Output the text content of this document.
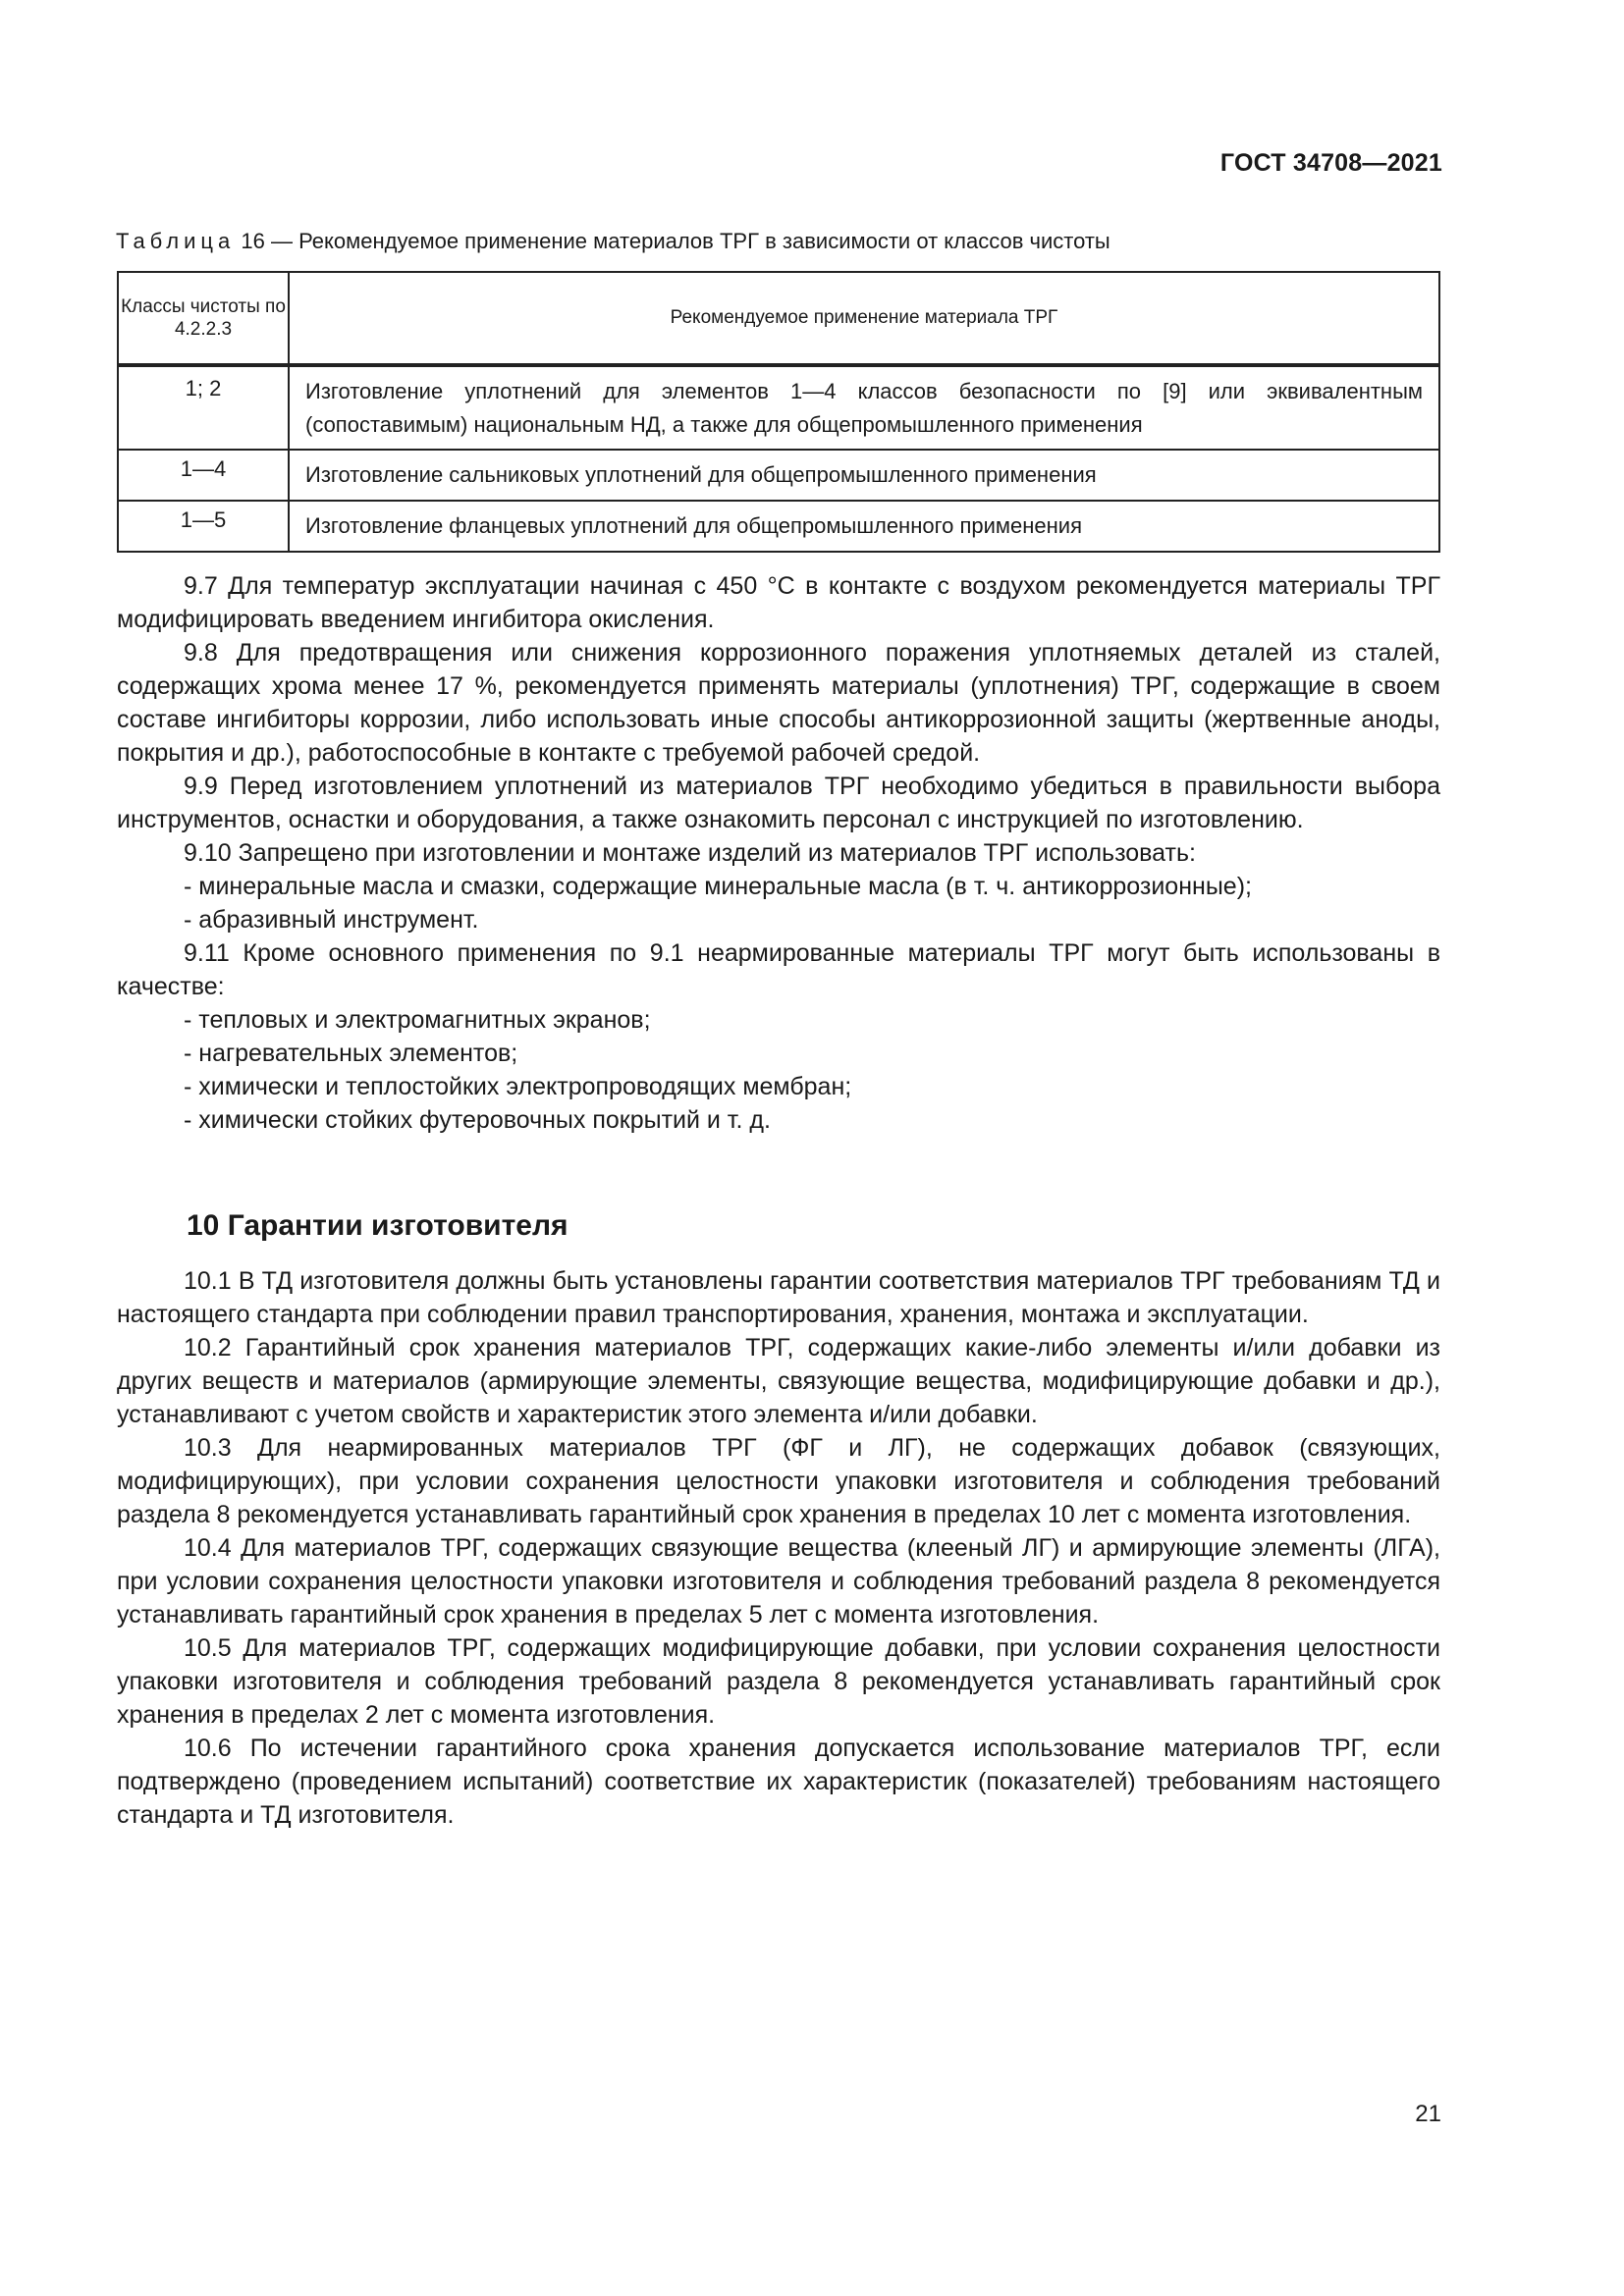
ГОСТ 34708—2021
Таблица 16 — Рекомендуемое применение материалов ТРГ в зависимости от классов чистоты
Классы чистоты по 4.2.2.3	Рекомендуемое применение материала ТРГ
1; 2	Изготовление уплотнений для элементов 1—4 классов безопасности по [9] или эквивалентным (сопоставимым) национальным НД, а также для общепромышленного применения
1—4	Изготовление сальниковых уплотнений для общепромышленного применения
1—5	Изготовление фланцевых уплотнений для общепромышленного применения

9.7 Для температур эксплуатации начиная с 450 °С в контакте с воздухом рекомендуется материалы ТРГ модифицировать введением ингибитора окисления.

9.8 Для предотвращения или снижения коррозионного поражения уплотняемых деталей из сталей, содержащих хрома менее 17 %, рекомендуется применять материалы (уплотнения) ТРГ, содержащие в своем составе ингибиторы коррозии, либо использовать иные способы антикоррозионной защиты (жертвенные аноды, покрытия и др.), работоспособные в контакте с требуемой рабочей средой.

9.9 Перед изготовлением уплотнений из материалов ТРГ необходимо убедиться в правильности выбора инструментов, оснастки и оборудования, а также ознакомить персонал с инструкцией по изготовлению.

9.10 Запрещено при изготовлении и монтаже изделий из материалов ТРГ использовать:

- минеральные масла и смазки, содержащие минеральные масла (в т. ч. антикоррозионные);

- абразивный инструмент.

9.11 Кроме основного применения по 9.1 неармированные материалы ТРГ могут быть использованы в качестве:

- тепловых и электромагнитных экранов;

- нагревательных элементов;

- химически и теплостойких электропроводящих мембран;

- химически стойких футеровочных покрытий и т. д.

10 Гарантии изготовителя

10.1 В ТД изготовителя должны быть установлены гарантии соответствия материалов ТРГ требованиям ТД и настоящего стандарта при соблюдении правил транспортирования, хранения, монтажа и эксплуатации.

10.2 Гарантийный срок хранения материалов ТРГ, содержащих какие-либо элементы и/или добавки из других веществ и материалов (армирующие элементы, связующие вещества, модифицирующие добавки и др.), устанавливают с учетом свойств и характеристик этого элемента и/или добавки.

10.3 Для неармированных материалов ТРГ (ФГ и ЛГ), не содержащих добавок (связующих, модифицирующих), при условии сохранения целостности упаковки изготовителя и соблюдения требований раздела 8 рекомендуется устанавливать гарантийный срок хранения в пределах 10 лет с момента изготовления.

10.4 Для материалов ТРГ, содержащих связующие вещества (клееный ЛГ) и армирующие элементы (ЛГА), при условии сохранения целостности упаковки изготовителя и соблюдения требований раздела 8 рекомендуется устанавливать гарантийный срок хранения в пределах 5 лет с момента изготовления.

10.5 Для материалов ТРГ, содержащих модифицирующие добавки, при условии сохранения целостности упаковки изготовителя и соблюдения требований раздела 8 рекомендуется устанавливать гарантийный срок хранения в пределах 2 лет с момента изготовления.

10.6 По истечении гарантийного срока хранения допускается использование материалов ТРГ, если подтверждено (проведением испытаний) соответствие их характеристик (показателей) требованиям настоящего стандарта и ТД изготовителя.

21
